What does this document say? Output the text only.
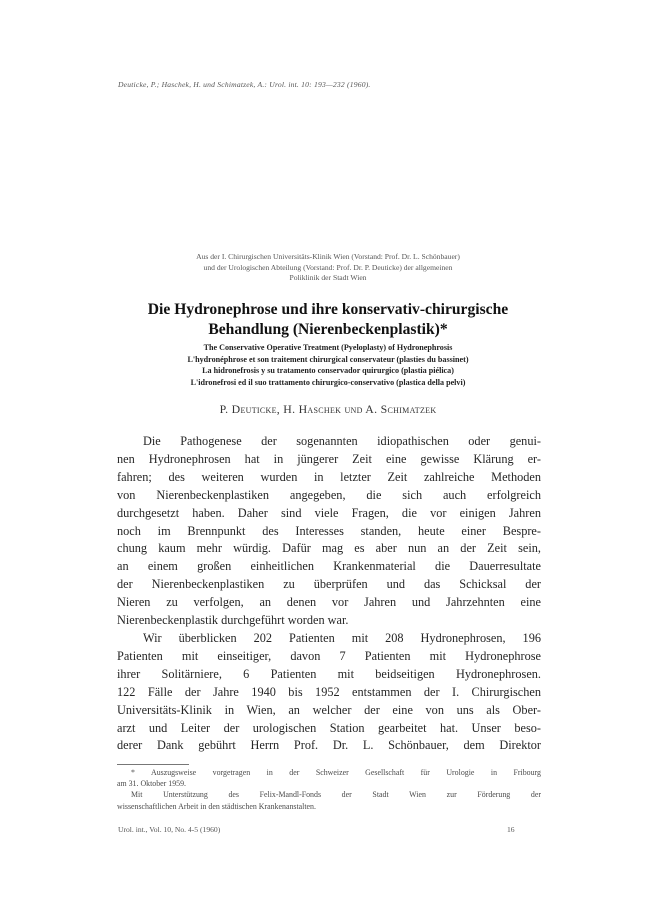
Deuticke, P.; Haschek, H. und Schimatzek, A.: Urol. int. 10: 193—232 (1960).
Aus der I. Chirurgischen Universitäts-Klinik Wien (Vorstand: Prof. Dr. L. Schönbauer)
und der Urologischen Abteilung (Vorstand: Prof. Dr. P. Deuticke) der allgemeinen
Poliklinik der Stadt Wien
Die Hydronephrose und ihre konservativ-chirurgische
Behandlung (Nierenbeckenplastik)*
The Conservative Operative Treatment (Pyeloplasty) of Hydronephrosis
L'hydronéphrose et son traitement chirurgical conservateur (plasties du bassinet)
La hidronefrosis y su tratamento conservador quirurgico (plastia piélica)
L'idronefrosi ed il suo trattamento chirurgico-conservativo (plastica della pelvi)
P. Deuticke, H. Haschek und A. Schimatzek
Die Pathogenese der sogenannten idiopathischen oder genui-
nen Hydronephrosen hat in jüngerer Zeit eine gewisse Klärung er-
fahren; des weiteren wurden in letzter Zeit zahlreiche Methoden
von Nierenbeckenplastiken angegeben, die sich auch erfolgreich
durchgesetzt haben. Daher sind viele Fragen, die vor einigen Jahren
noch im Brennpunkt des Interesses standen, heute einer Bespre-
chung kaum mehr würdig. Dafür mag es aber nun an der Zeit sein,
an einem großen einheitlichen Krankenmaterial die Dauerresultate
der Nierenbeckenplastiken zu überprüfen und das Schicksal der
Nieren zu verfolgen, an denen vor Jahren und Jahrzehnten eine
Nierenbeckenplastik durchgeführt worden war.
Wir überblicken 202 Patienten mit 208 Hydronephrosen, 196
Patienten mit einseitiger, davon 7 Patienten mit Hydronephrose
ihrer Solitärniere, 6 Patienten mit beidseitigen Hydronephrosen.
122 Fälle der Jahre 1940 bis 1952 entstammen der I. Chirurgischen
Universitäts-Klinik in Wien, an welcher der eine von uns als Ober-
arzt und Leiter der urologischen Station gearbeitet hat. Unser beso-
derer Dank gebührt Herrn Prof. Dr. L. Schönbauer, dem Direktor
* Auszugsweise vorgetragen in der Schweizer Gesellschaft für Urologie in Fribourg
am 31. Oktober 1959.
Mit Unterstützung des Felix-Mandl-Fonds der Stadt Wien zur Förderung der
wissenschaftlichen Arbeit in den städtischen Krankenanstalten.
Urol. int., Vol. 10, No. 4-5 (1960)	16
